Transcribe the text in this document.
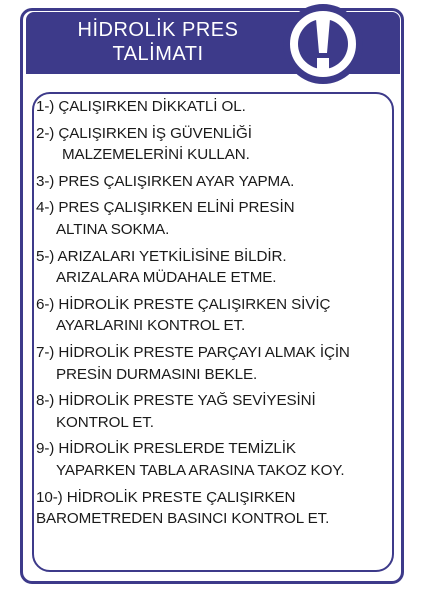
HİDROLİK PRES
TALİMATI
1-) ÇALIŞIRKEN DİKKATLİ OL.
2-) ÇALIŞIRKEN İŞ GÜVENLİĞİ
MALZEMELERİNİ KULLAN.
3-) PRES ÇALIŞIRKEN AYAR YAPMA.
4-) PRES ÇALIŞIRKEN ELİNİ PRESİN
ALTINA SOKMA.
5-) ARIZALARI YETKİLİSİNE BİLDİR.
ARIZALARA MÜDAHALE ETME.
6-) HİDROLİK PRESTE ÇALIŞIRKEN SİVİÇ
AYARLARINI KONTROL ET.
7-) HİDROLİK PRESTE PARÇAYI ALMAK İÇİN
PRESİN DURMASINI BEKLE.
8-) HİDROLİK PRESTE YAĞ SEVİYESİNİ
KONTROL ET.
9-) HİDROLİK PRESLERDE TEMİZLİK
YAPARKEN TABLA ARASINA TAKOZ KOY.
10-) HİDROLİK PRESTE ÇALIŞIRKEN
BAROMETREDEN BASINCI KONTROL ET.
